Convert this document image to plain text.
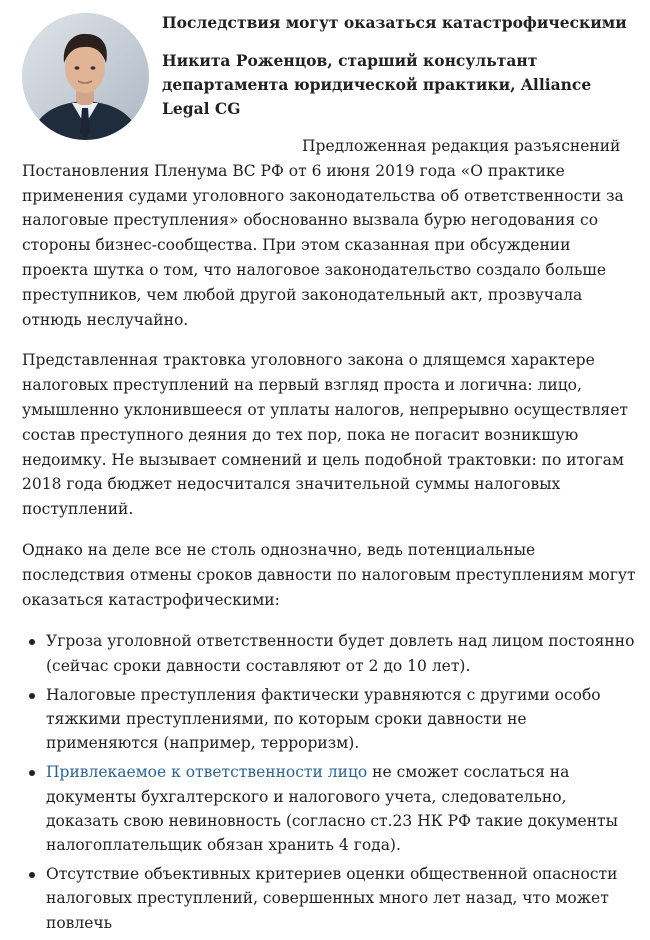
Последствия могут оказаться катастрофическими

Никита Роженцов, старший консультант департамента юридической практики, Alliance Legal CG

Предложенная редакция разъяснений Постановления Пленума ВС РФ от 6 июня 2019 года «О практике применения судами уголовного законодательства об ответственности за налоговые преступления» обоснованно вызвала бурю негодования со стороны бизнес-сообщества. При этом сказанная при обсуждении проекта шутка о том, что налоговое законодательство создало больше преступников, чем любой другой законодательный акт, прозвучала отнюдь неслучайно.

Представленная трактовка уголовного закона о длящемся характере налоговых преступлений на первый взгляд проста и логична: лицо, умышленно уклонившееся от уплаты налогов, непрерывно осуществляет состав преступного деяния до тех пор, пока не погасит возникшую недоимку. Не вызывает сомнений и цель подобной трактовки: по итогам 2018 года бюджет недосчитался значительной суммы налоговых поступлений.

Однако на деле все не столь однозначно, ведь потенциальные последствия отмены сроков давности по налоговым преступлениям могут оказаться катастрофическими:

Угроза уголовной ответственности будет довлеть над лицом постоянно (сейчас сроки давности составляют от 2 до 10 лет).
Налоговые преступления фактически уравняются с другими особо тяжкими преступлениями, по которым сроки давности не применяются (например, терроризм).
Привлекаемое к ответственности лицо не сможет сослаться на документы бухгалтерского и налогового учета, следовательно, доказать свою невиновность (согласно ст.23 НК РФ такие документы налогоплательщик обязан хранить 4 года).
Отсутствие объективных критериев оценки общественной опасности налоговых преступлений, совершенных много лет назад, что может повлечь
